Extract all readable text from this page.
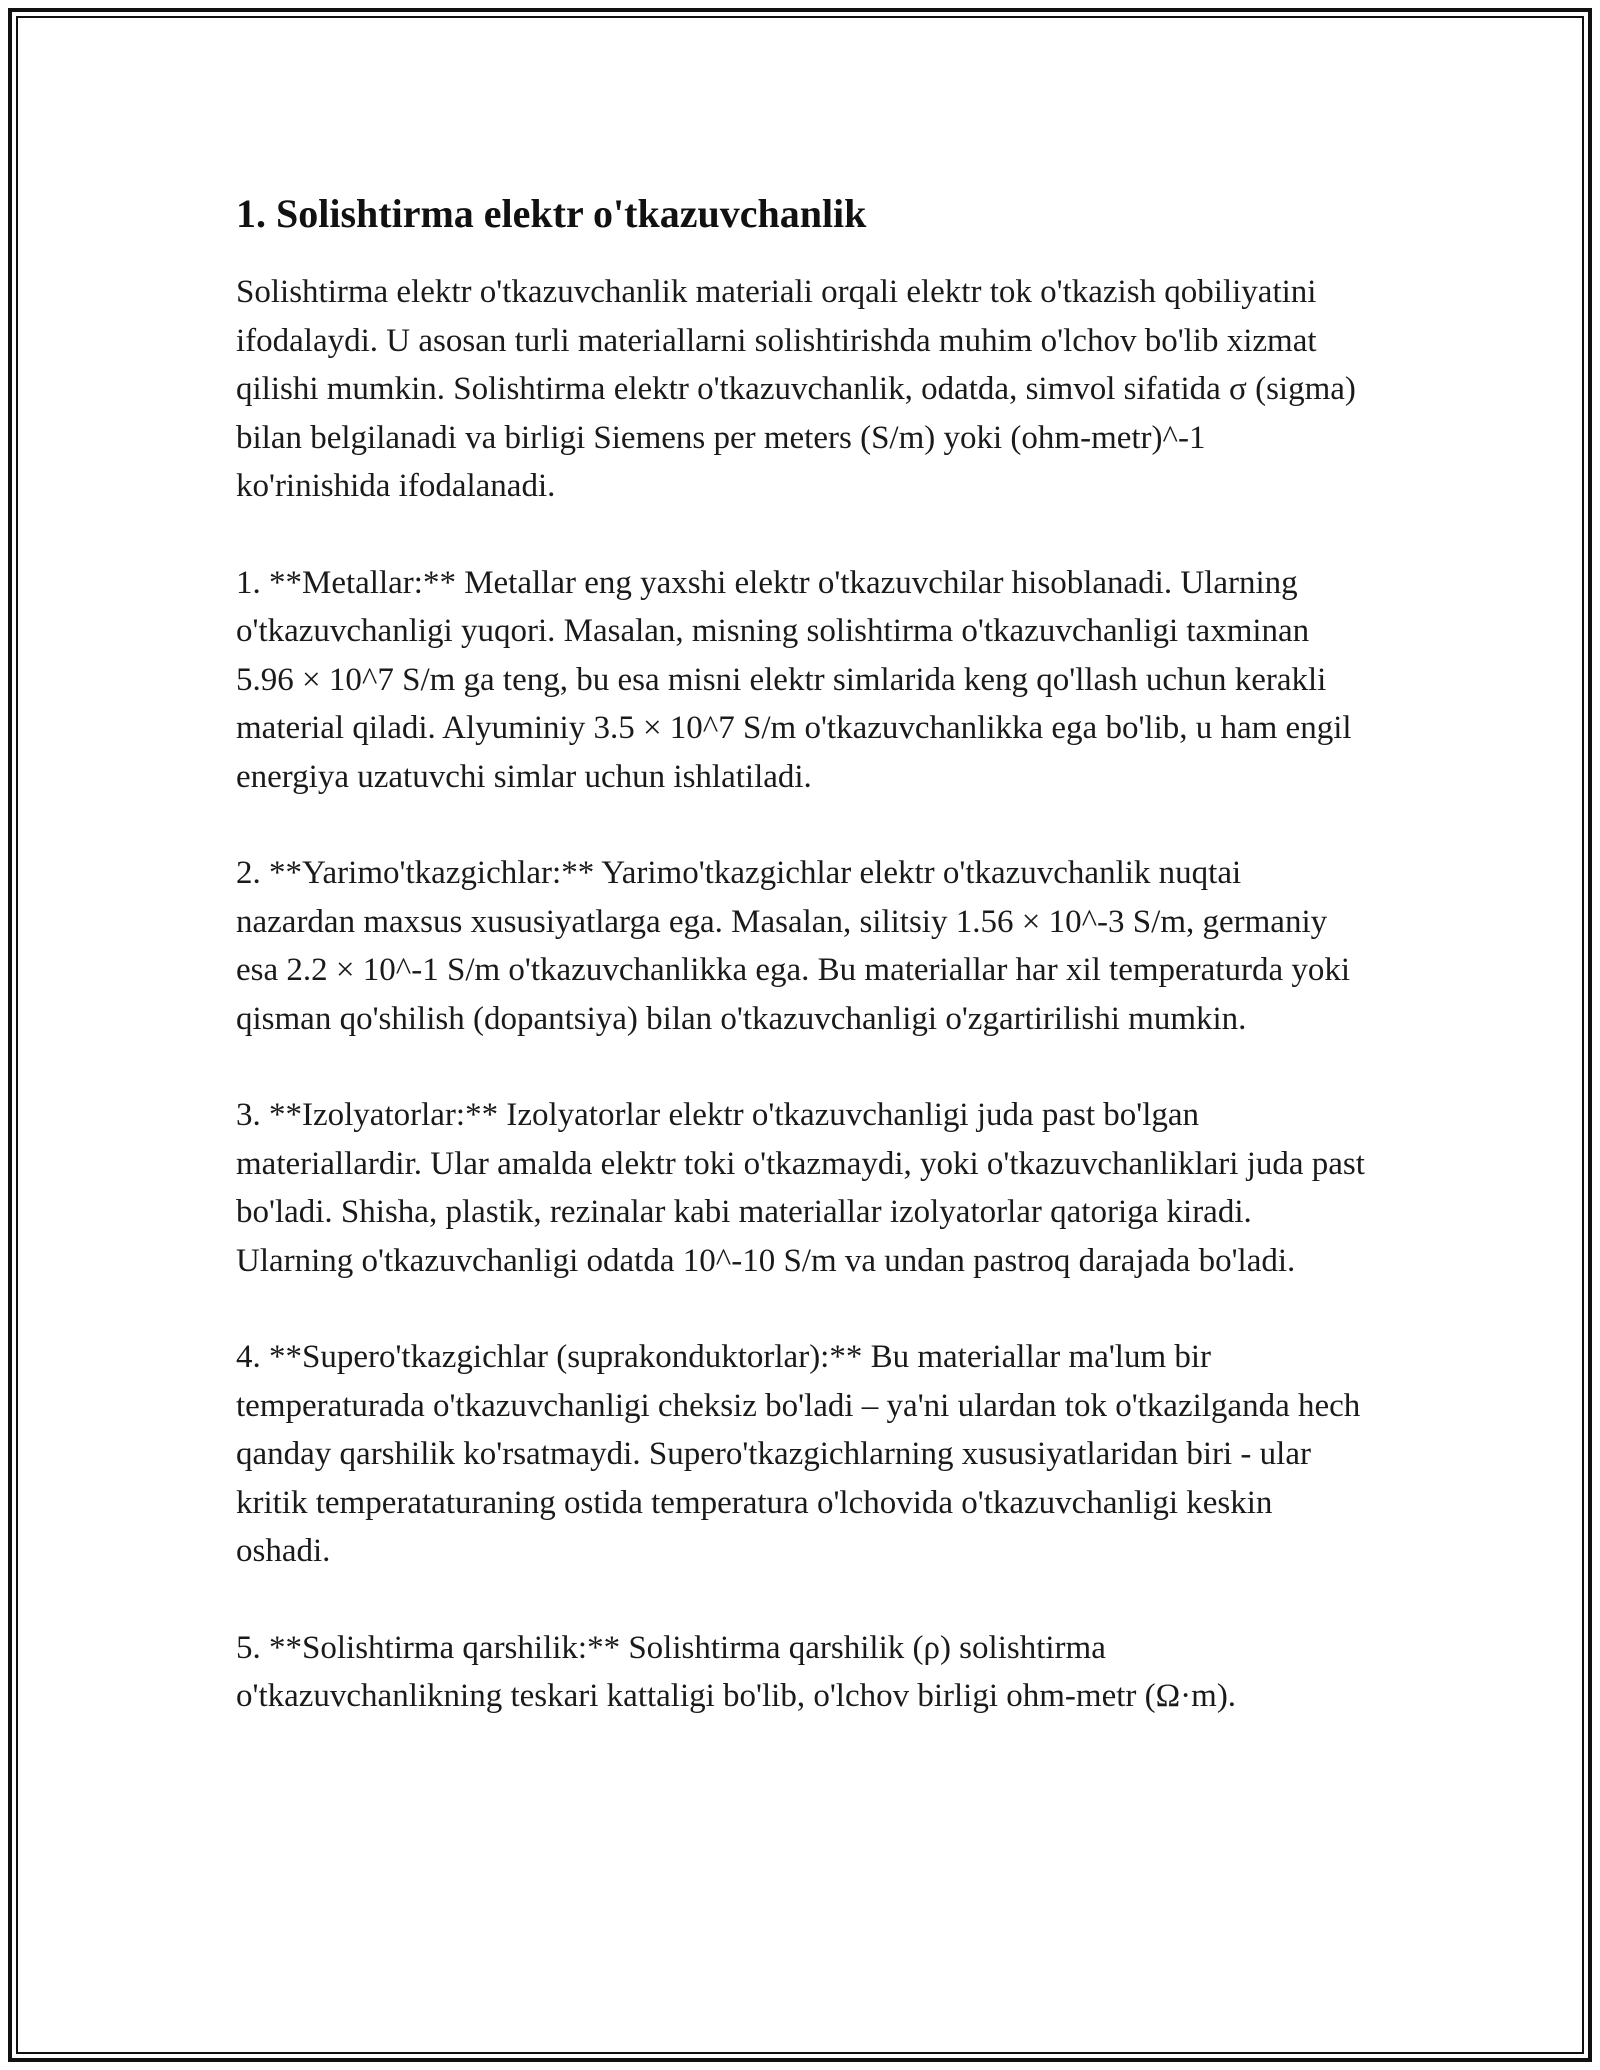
1. Solishtirma elektr o'tkazuvchanlik

Solishtirma elektr o'tkazuvchanlik materiali orqali elektr tok o'tkazish qobiliyatini ifodalaydi. U asosan turli materiallarni solishtirishda muhim o'lchov bo'lib xizmat qilishi mumkin. Solishtirma elektr o'tkazuvchanlik, odatda, simvol sifatida σ (sigma) bilan belgilanadi va birligi Siemens per meters (S/m) yoki (ohm-metr)^-1 ko'rinishida ifodalanadi.

1. **Metallar:** Metallar eng yaxshi elektr o'tkazuvchilar hisoblanadi. Ularning o'tkazuvchanligi yuqori. Masalan, misning solishtirma o'tkazuvchanligi taxminan 5.96 × 10^7 S/m ga teng, bu esa misni elektr simlarida keng qo'llash uchun kerakli material qiladi. Alyuminiy 3.5 × 10^7 S/m o'tkazuvchanlikka ega bo'lib, u ham engil energiya uzatuvchi simlar uchun ishlatiladi.

2. **Yarimo'tkazgichlar:** Yarimo'tkazgichlar elektr o'tkazuvchanlik nuqtai nazardan maxsus xususiyatlarga ega. Masalan, silitsiy 1.56 × 10^-3 S/m, germaniy esa 2.2 × 10^-1 S/m o'tkazuvchanlikka ega. Bu materiallar har xil temperaturda yoki qisman qo'shilish (dopantsiya) bilan o'tkazuvchanligi o'zgartirilishi mumkin.

3. **Izolyatorlar:** Izolyatorlar elektr o'tkazuvchanligi juda past bo'lgan materiallardir. Ular amalda elektr toki o'tkazmaydi, yoki o'tkazuvchanliklari juda past bo'ladi. Shisha, plastik, rezinalar kabi materiallar izolyatorlar qatoriga kiradi. Ularning o'tkazuvchanligi odatda 10^-10 S/m va undan pastroq darajada bo'ladi.

4. **Supero'tkazgichlar (suprakonduktorlar):** Bu materiallar ma'lum bir temperaturada o'tkazuvchanligi cheksiz bo'ladi – ya'ni ulardan tok o'tkazilganda hech qanday qarshilik ko'rsatmaydi. Supero'tkazgichlarning xususiyatlaridan biri - ular kritik temperataturaning ostida temperatura o'lchovida o'tkazuvchanligi keskin oshadi.

5. **Solishtirma qarshilik:** Solishtirma qarshilik (ρ) solishtirma o'tkazuvchanlikning teskari kattaligi bo'lib, o'lchov birligi ohm-metr (Ω·m).
